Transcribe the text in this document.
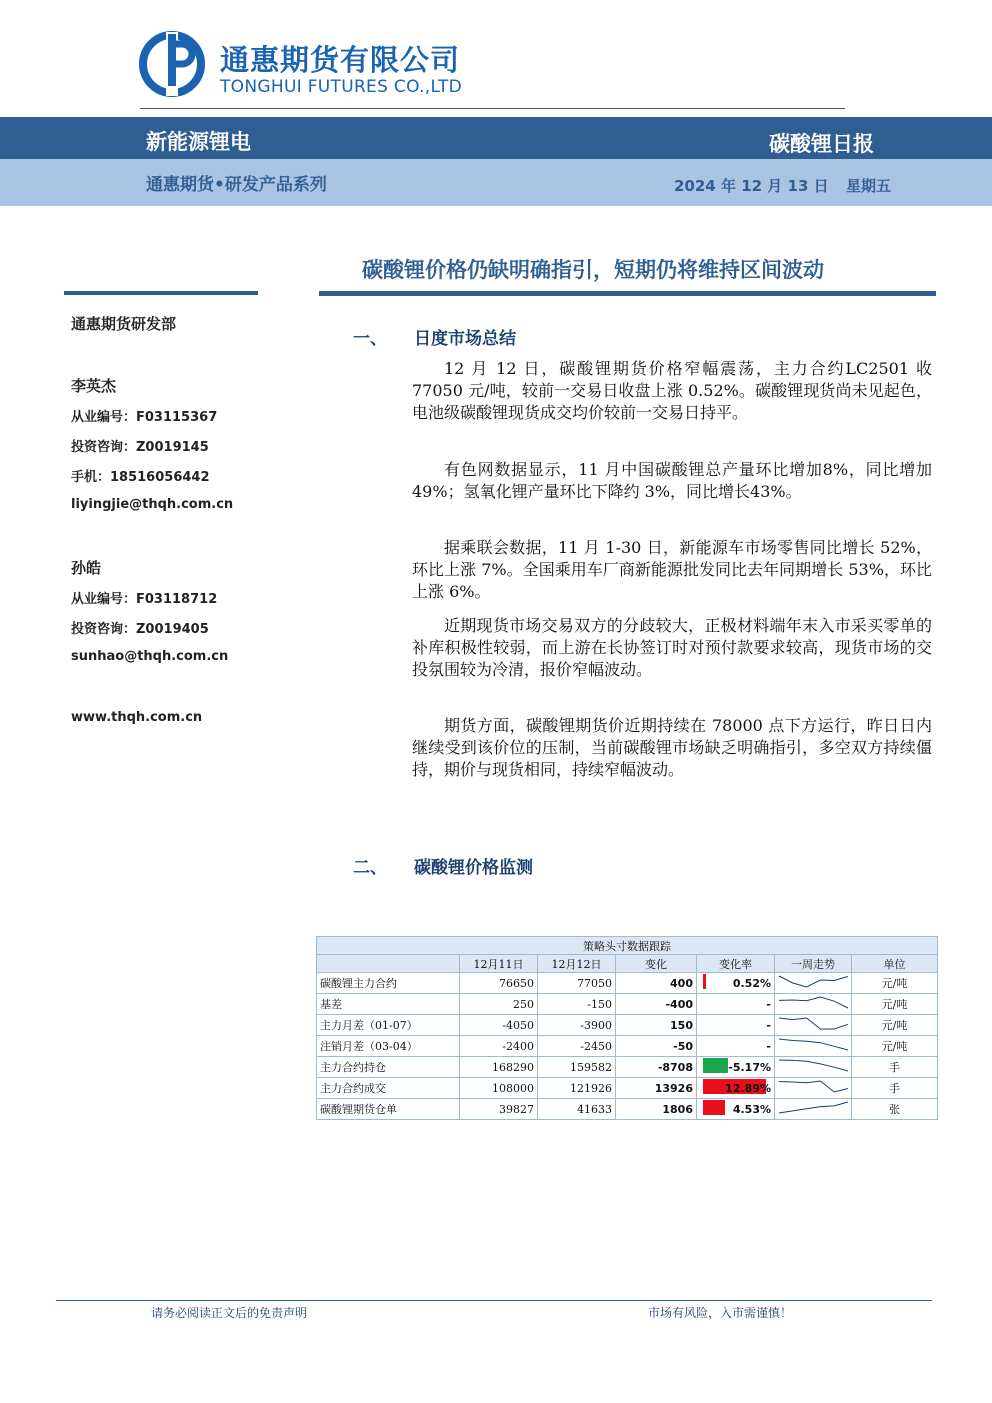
通惠期货有限公司
TONGHUI FUTURES CO.,LTD
新能源锂电	碳酸锂日报
通惠期货•研发产品系列	2024 年 12 月 13 日 星期五
碳酸锂价格仍缺明确指引，短期仍将维持区间波动
通惠期货研发部
李英杰
从业编号：F03115367
投资咨询：Z0019145
手机：18516056442
liyingjie@thqh.com.cn
孙皓
从业编号：F03118712
投资咨询：Z0019405
sunhao@thqh.com.cn
www.thqh.com.cn
一、 日度市场总结
12 月 12 日，碳酸锂期货价格窄幅震荡，主力合约LC2501 收 77050 元/吨，较前一交易日收盘上涨 0.52%。碳酸锂现货尚未见起色，电池级碳酸锂现货成交均价较前一交易日持平。
有色网数据显示，11 月中国碳酸锂总产量环比增加8%，同比增加 49%；氢氧化锂产量环比下降约 3%，同比增长43%。
据乘联会数据，11 月 1-30 日，新能源车市场零售同比增长 52%，环比上涨 7%。全国乘用车厂商新能源批发同比去年同期增长 53%，环比上涨 6%。
近期现货市场交易双方的分歧较大，正极材料端年末入市采买零单的补库积极性较弱，而上游在长协签订时对预付款要求较高，现货市场的交投氛围较为冷清，报价窄幅波动。
期货方面，碳酸锂期货价近期持续在 78000 点下方运行，昨日日内继续受到该价位的压制，当前碳酸锂市场缺乏明确指引，多空双方持续僵持，期价与现货相同，持续窄幅波动。
二、 碳酸锂价格监测
策略头寸数据跟踪						
	12月11日	12月12日	变化	变化率	一周走势	单位
碳酸锂主力合约	76650	77050	400	0.52%		元/吨
基差	250	-150	-400	-		元/吨
主力月差（01-07）	-4050	-3900	150	-		元/吨
注销月差（03-04）	-2400	-2450	-50	-		元/吨
主力合约持仓	168290	159582	-8708	-5.17%		手
主力合约成交	108000	121926	13926	12.89%		手
碳酸锂期货仓单	39827	41633	1806	4.53%		张
请务必阅读正文后的免责声明	市场有风险，入市需谨慎！
